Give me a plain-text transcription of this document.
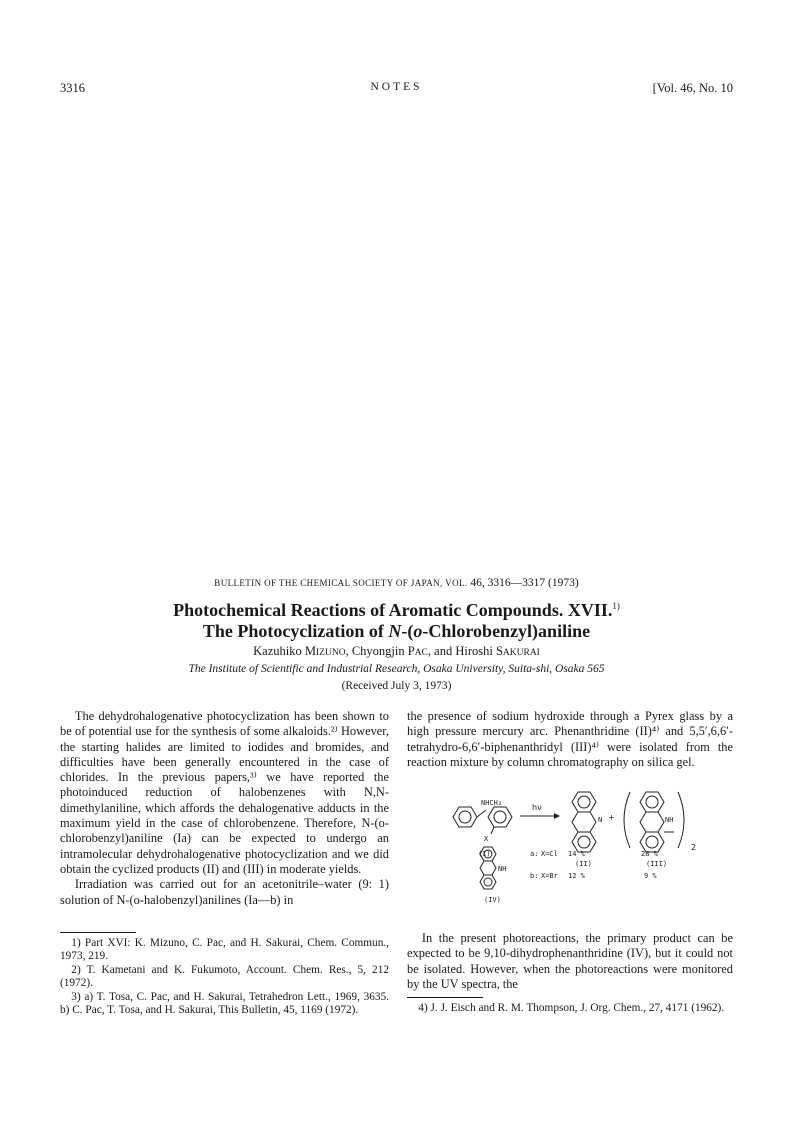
3316	NOTES	[Vol. 46, No. 10
BULLETIN OF THE CHEMICAL SOCIETY OF JAPAN, VOL. 46, 3316—3317 (1973)
Photochemical Reactions of Aromatic Compounds. XVII.$^{1)}$
The Photocyclization of N-(o-Chlorobenzyl)aniline
Kazuhiko MIZUNO, Chyongjin PAC, and Hiroshi SAKURAI
The Institute of Scientific and Industrial Research, Osaka University, Suita-shi, Osaka 565
(Received July 3, 1973)

The dehydrohalogenative photocyclization has been shown to be of potential use for the synthesis of some alkaloids.²⁾ However, the starting halides are limited to iodides and bromides, and difficulties have been generally encountered in the case of chlorides. In the previous papers,³⁾ we have reported the photoinduced reduction of halobenzenes with N,N-dimethylaniline, which affords the dehalogenative adducts in the maximum yield in the case of chlorobenzene. Therefore, N-(o-chlorobenzyl)aniline (Ia) can be expected to undergo an intramolecular dehydrohalogenative photocyclization and we did obtain the cyclized products (II) and (III) in moderate yields.

Irradiation was carried out for an acetonitrile–water (9: 1) solution of N-(o-halobenzyl)anilines (Ia—b) in

the presence of sodium hydroxide through a Pyrex glass by a high pressure mercury arc. Phenanthridine (II)⁴⁾ and 5,5′,6,6′-tetrahydro-6,6′-biphenanthridyl (III)⁴⁾ were isolated from the reaction mixture by column chromatography on silica gel.

NHCH₂
X
(I)
hν
N
(II)
+	NH
2
(III)
a: X=Cl 14 %	28 %
b: X=Br 12 %	9 %
NH
(IV)

In the present photoreactions, the primary product can be expected to be 9,10-dihydrophenanthridine (IV), but it could not be isolated. However, when the photoreactions were monitored by the UV spectra, the

1) Part XVI: K. Mizuno, C. Pac, and H. Sakurai, Chem. Commun., 1973, 219.

2) T. Kametani and K. Fukumoto, Account. Chem. Res., 5, 212 (1972).

3) a) T. Tosa, C. Pac, and H. Sakurai, Tetrahedron Lett., 1969, 3635. b) C. Pac, T. Tosa, and H. Sakurai, This Bulletin, 45, 1169 (1972).	4) J. J. Eisch and R. M. Thompson, J. Org. Chem., 27, 4171 (1962).
